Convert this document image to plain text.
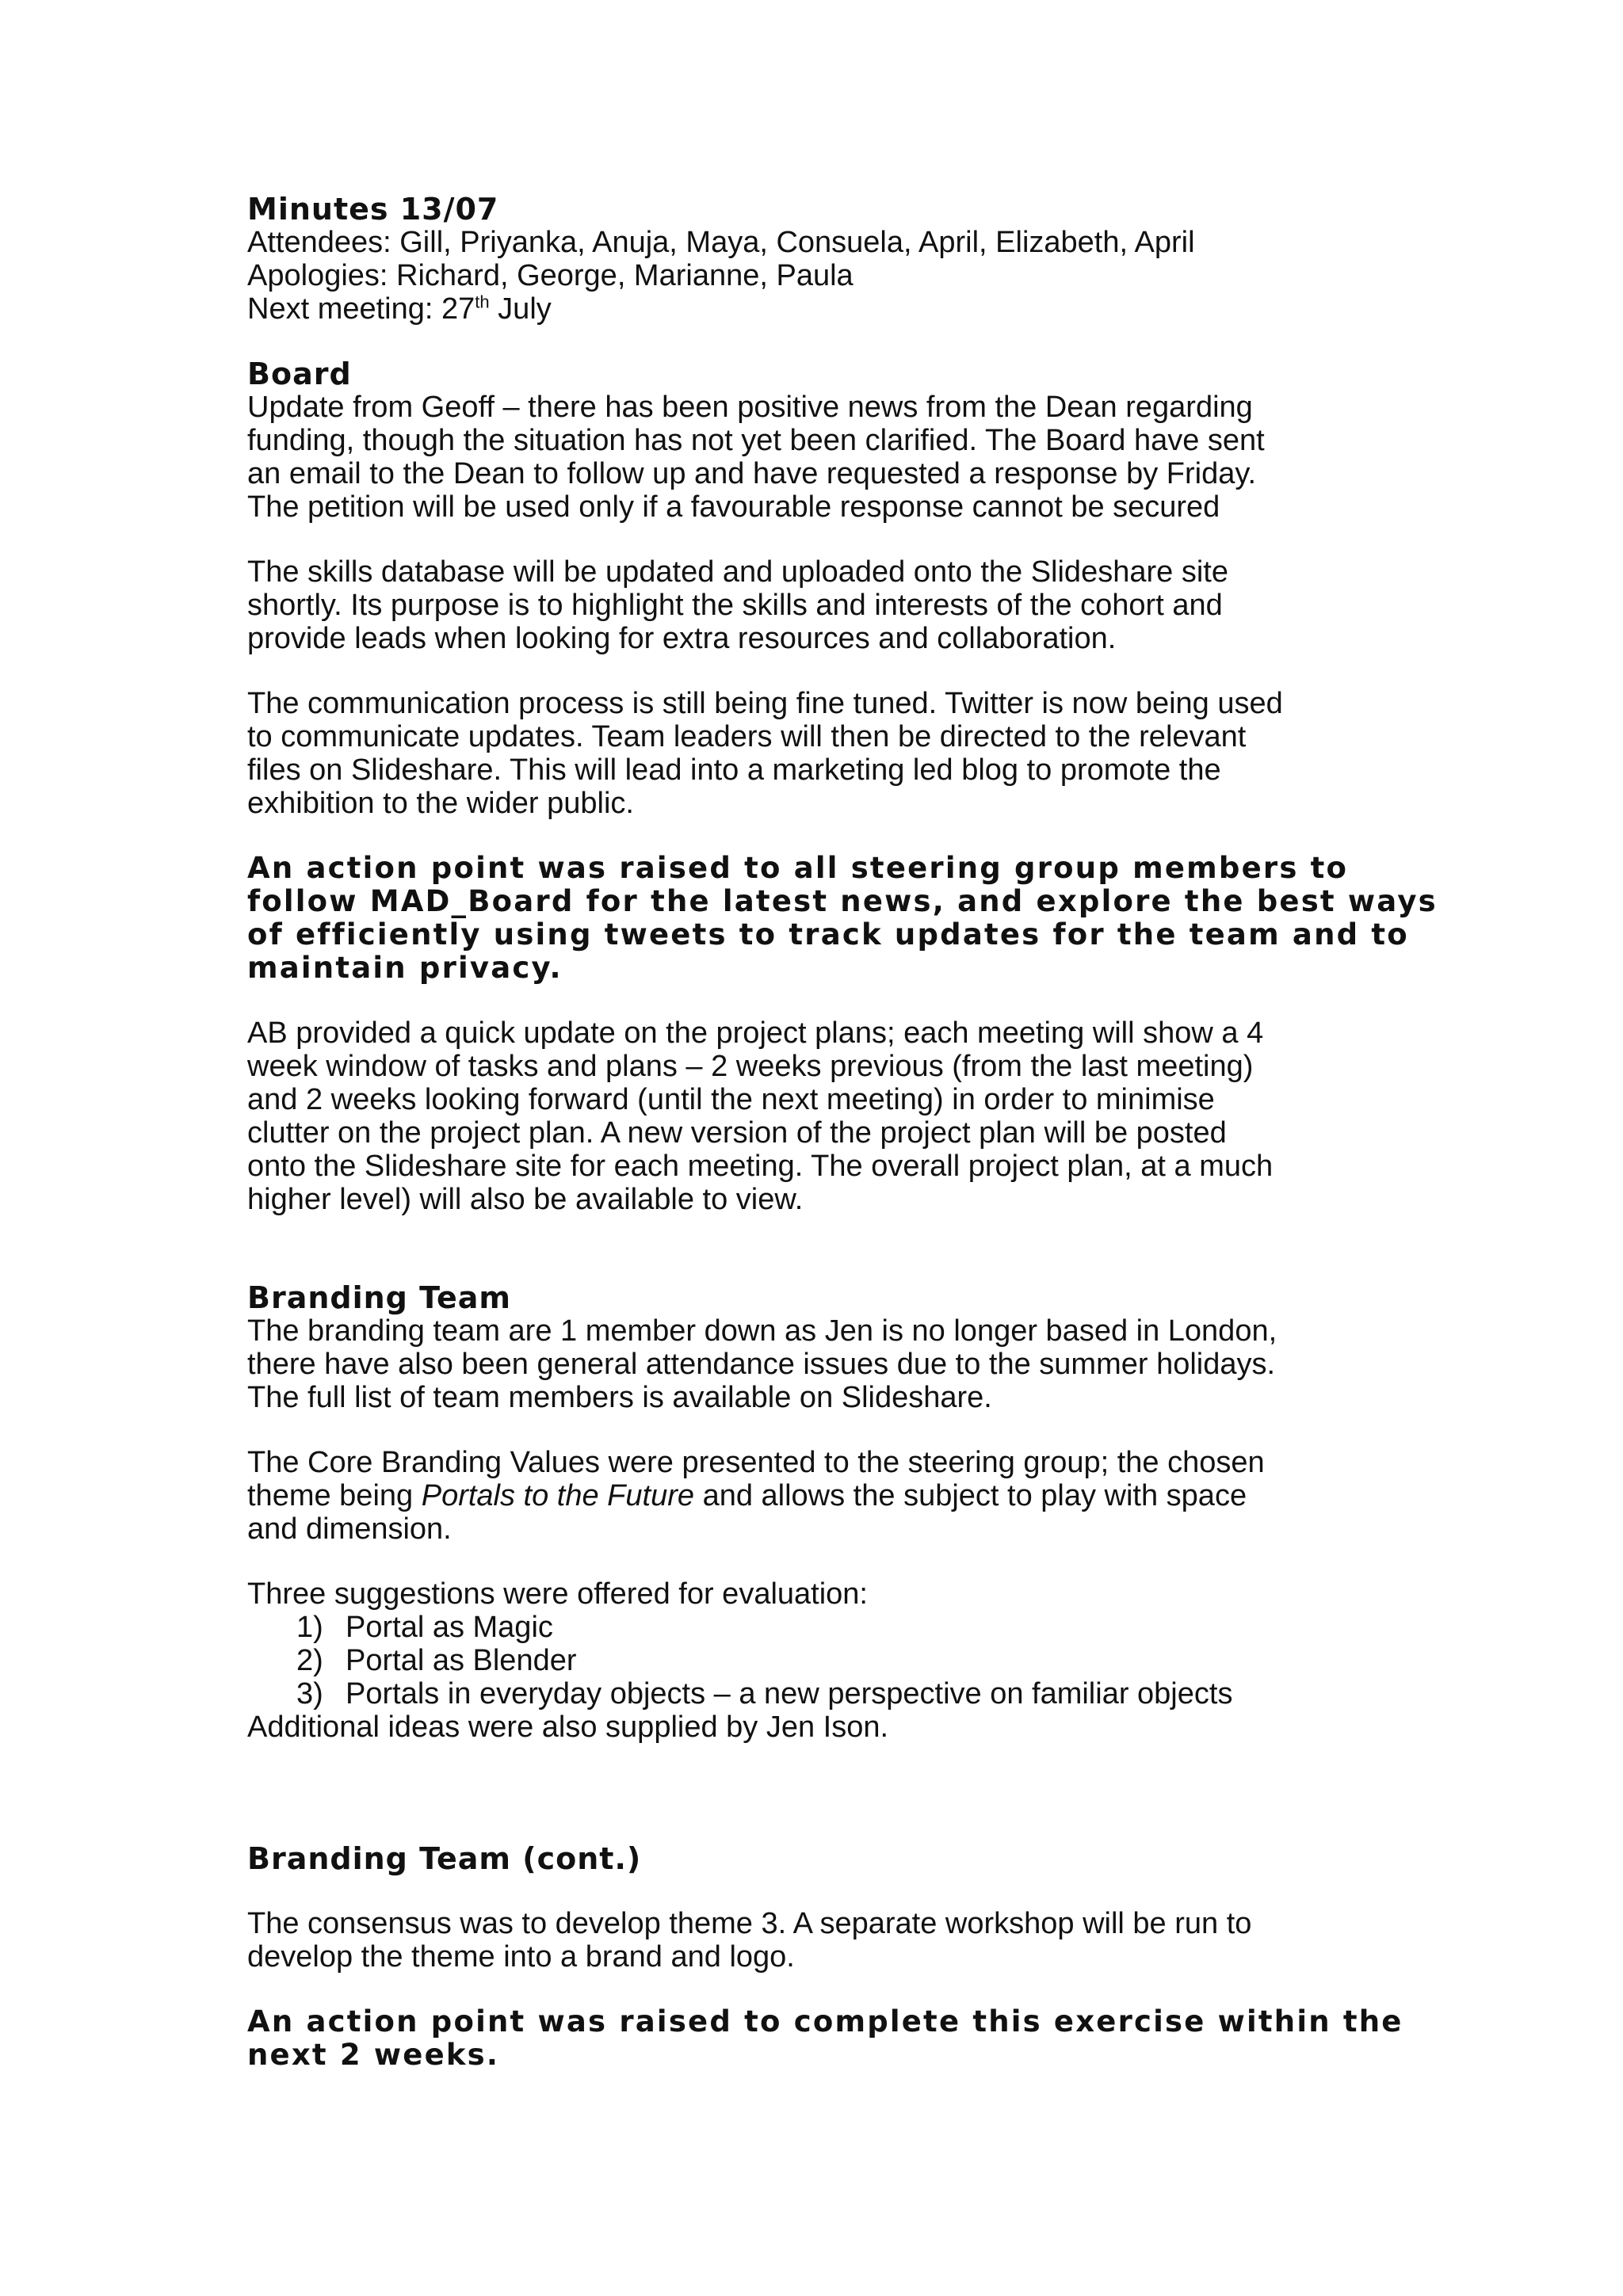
Minutes 13/07
Attendees: Gill, Priyanka, Anuja, Maya, Consuela, April, Elizabeth, April
Apologies: Richard, George, Marianne, Paula
Next meeting: 27th July
Board
Update from Geoff – there has been positive news from the Dean regarding
funding, though the situation has not yet been clarified. The Board have sent
an email to the Dean to follow up and have requested a response by Friday.
The petition will be used only if a favourable response cannot be secured
The skills database will be updated and uploaded onto the Slideshare site
shortly. Its purpose is to highlight the skills and interests of the cohort and
provide leads when looking for extra resources and collaboration.
The communication process is still being fine tuned. Twitter is now being used
to communicate updates. Team leaders will then be directed to the relevant
files on Slideshare. This will lead into a marketing led blog to promote the
exhibition to the wider public.
An action point was raised to all steering group members to
follow MAD_Board for the latest news, and explore the best ways
of efficiently using tweets to track updates for the team and to
maintain privacy.
AB provided a quick update on the project plans; each meeting will show a 4
week window of tasks and plans – 2 weeks previous (from the last meeting)
and 2 weeks looking forward (until the next meeting) in order to minimise
clutter on the project plan. A new version of the project plan will be posted
onto the Slideshare site for each meeting. The overall project plan, at a much
higher level) will also be available to view.
Branding Team
The branding team are 1 member down as Jen is no longer based in London,
there have also been general attendance issues due to the summer holidays.
The full list of team members is available on Slideshare.
The Core Branding Values were presented to the steering group; the chosen
theme being Portals to the Future and allows the subject to play with space
and dimension.
Three suggestions were offered for evaluation:
1) Portal as Magic
2) Portal as Blender
3) Portals in everyday objects – a new perspective on familiar objects
Additional ideas were also supplied by Jen Ison.
Branding Team (cont.)
The consensus was to develop theme 3. A separate workshop will be run to
develop the theme into a brand and logo.
An action point was raised to complete this exercise within the
next 2 weeks.
